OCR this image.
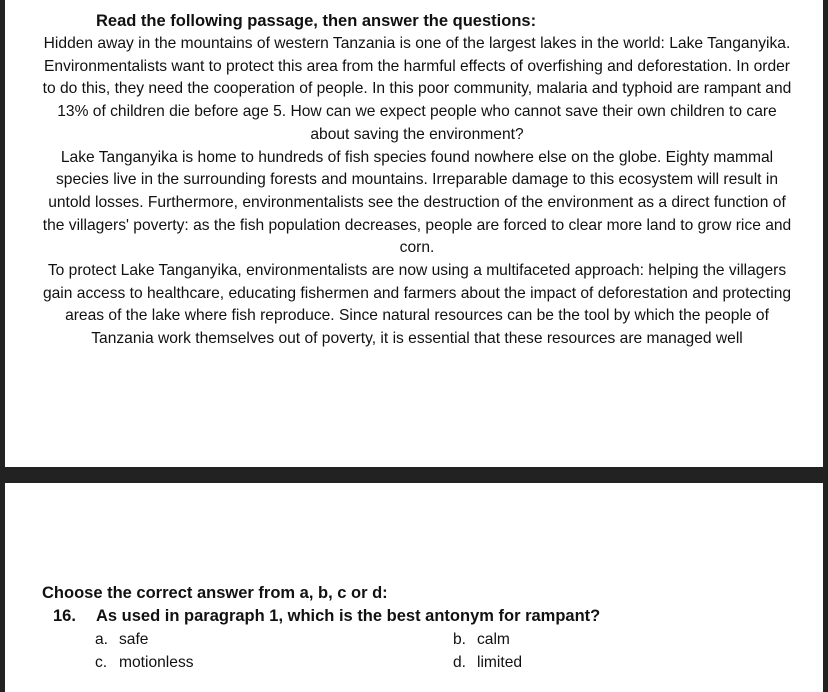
Read the following passage, then answer the questions:

Hidden away in the mountains of western Tanzania is one of the largest lakes in the world: Lake Tanganyika. Environmentalists want to protect this area from the harmful effects of overfishing and deforestation. In order to do this, they need the cooperation of people. In this poor community, malaria and typhoid are rampant and 13% of children die before age 5. How can we expect people who cannot save their own children to care about saving the environment?

Lake Tanganyika is home to hundreds of fish species found nowhere else on the globe. Eighty mammal species live in the surrounding forests and mountains. Irreparable damage to this ecosystem will result in untold losses. Furthermore, environmentalists see the destruction of the environment as a direct function of the villagers' poverty: as the fish population decreases, people are forced to clear more land to grow rice and corn.

To protect Lake Tanganyika, environmentalists are now using a multifaceted approach: helping the villagers gain access to healthcare, educating fishermen and farmers about the impact of deforestation and protecting areas of the lake where fish reproduce. Since natural resources can be the tool by which the people of Tanzania work themselves out of poverty, it is essential that these resources are managed well

Choose the correct answer from a, b, c or d:
16. As used in paragraph 1, which is the best antonym for rampant?
a. safe	b. calm
c. motionless	d. limited
